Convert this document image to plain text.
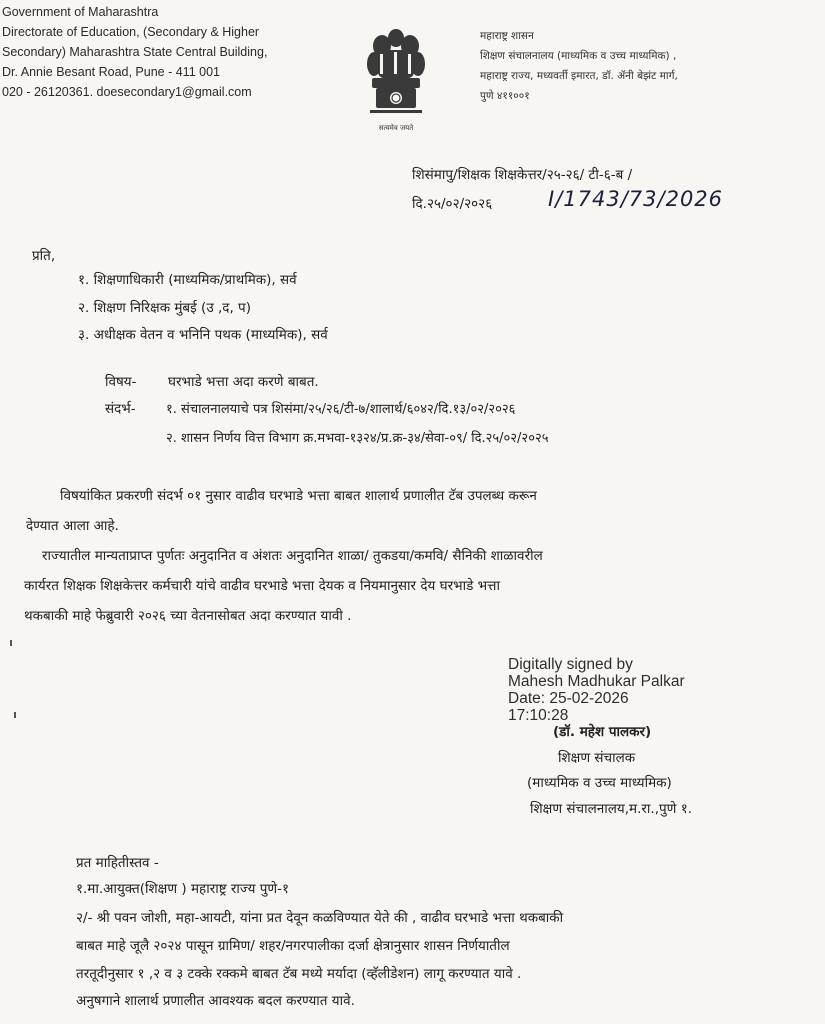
Government of Maharashtra
Directorate of Education, (Secondary & Higher
Secondary) Maharashtra State Central Building,
Dr. Annie Besant Road, Pune - 411 001
020 - 26120361. doesecondary1@gmail.com
सत्यमेव जयते
महाराष्ट्र शासन
शिक्षण संचालनालय (माध्यमिक व उच्च माध्यमिक) ,
महाराष्ट्र राज्य, मध्यवर्ती इमारत, डॉ. ॲनी बेझंट मार्ग,
पुणे ४११००१
शिसंमापु/शिक्षक शिक्षकेत्तर/२५-२६/ टी-६-ब /
दि.२५/०२/२०२६	I/1743/73/2026
प्रति,
१. शिक्षणाधिकारी (माध्यमिक/प्राथमिक), सर्व
२. शिक्षण निरिक्षक मुंबई (उ ,द, प)
३. अधीक्षक वेतन व भनिनि पथक (माध्यमिक), सर्व
विषय- घरभाडे भत्ता अदा करणे बाबत.
संदर्भ- १. संचालनालयाचे पत्र शिसंमा/२५/२६/टी-७/शालार्थ/६०४२/दि.१३/०२/२०२६
२. शासन निर्णय वित्त विभाग क्र.मभवा-१३२४/प्र.क्र-३४/सेवा-०९/ दि.२५/०२/२०२५
विषयांकित प्रकरणी संदर्भ ०१ नुसार वाढीव घरभाडे भत्ता बाबत शालार्थ प्रणालीत टॅब उपलब्ध करून
देण्यात आला आहे.
राज्यातील मान्यताप्राप्त पुर्णतः अनुदानित व अंशतः अनुदानित शाळा/ तुकडया/कमवि/ सैनिकी शाळावरील
कार्यरत शिक्षक शिक्षकेत्तर कर्मचारी यांचे वाढीव घरभाडे भत्ता देयक व नियमानुसार देय घरभाडे भत्ता
थकबाकी माहे फेब्रुवारी २०२६ च्या वेतनासोबत अदा करण्यात यावी .
Digitally signed by
Mahesh Madhukar Palkar
Date: 25-02-2026
17:10:28
(डॉ. महेश पालकर)
शिक्षण संचालक
(माध्यमिक व उच्च माध्यमिक)
शिक्षण संचालनालय,म.रा.,पुणे १.
प्रत माहितीस्तव -
१.मा.आयुक्त(शिक्षण ) महाराष्ट्र राज्य पुणे-१
२/- श्री पवन जोशी, महा-आयटी, यांना प्रत देवून कळविण्यात येते की , वाढीव घरभाडे भत्ता थकबाकी
बाबत माहे जूलै २०२४ पासून ग्रामिण/ शहर/नगरपालीका दर्जा क्षेत्रानुसार शासन निर्णयातील
तरतूदीनुसार १ ,२ व ३ टक्के रक्कमे बाबत टॅब मध्ये मर्यादा (व्हॅलीडेशन) लागू करण्यात यावे .
अनुषगाने शालार्थ प्रणालीत आवश्यक बदल करण्यात यावे.
